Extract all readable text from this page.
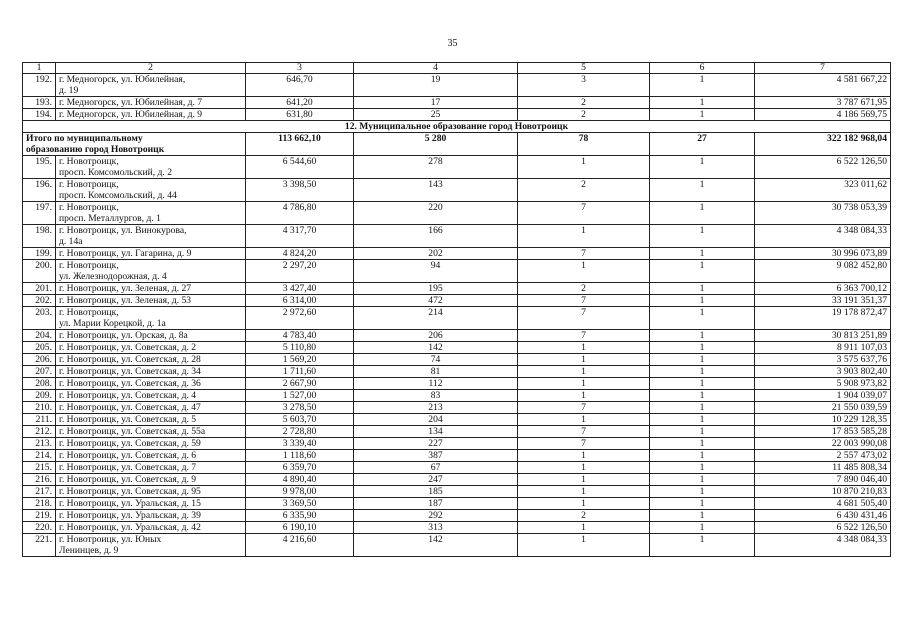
35
1	2	3	4	5	6	7
192.	г. Медногорск, ул. Юбилейная,
д. 19	646,70	19	3	1	4 581 667,22
193.	г. Медногорск, ул. Юбилейная, д. 7	641,20	17	2	1	3 787 671,95
194.	г. Медногорск, ул. Юбилейная, д. 9	631,80	25	2	1	4 186 569,75
12. Муниципальное образование город Новотроицк						

Итого по муниципальному
образованию город Новотроицк		113 662,10	5 280	78	27	322 182 968,04
195.	г. Новотроицк,
просп. Комсомольский, д. 2	6 544,60	278	1	1	6 522 126,50
196.	г. Новотроицк,
просп. Комсомольский, д. 44	3 398,50	143	2	1	323 011,62
197.	г. Новотроицк,
просп. Металлургов, д. 1	4 786,80	220	7	1	30 738 053,39
198.	г. Новотроицк, ул. Винокурова,
д. 14а	4 317,70	166	1	1	4 348 084,33
199.	г. Новотроицк, ул. Гагарина, д. 9	4 824,20	202	7	1	30 996 073,89
200.	г. Новотроицк,
ул. Железнодорожная, д. 4	2 297,20	94	1	1	9 082 452,80
201.	г. Новотроицк, ул. Зеленая, д. 27	3 427,40	195	2	1	6 363 700,12
202.	г. Новотроицк, ул. Зеленая, д. 53	6 314,00	472	7	1	33 191 351,37
203.	г. Новотроицк,
ул. Марии Корецкой, д. 1а	2 972,60	214	7	1	19 178 872,47
204.	г. Новотроицк, ул. Орская, д. 8а	4 783,40	206	7	1	30 813 251,89
205.	г. Новотроицк, ул. Советская, д. 2	5 110,80	142	1	1	8 911 107,03
206.	г. Новотроицк, ул. Советская, д. 28	1 569,20	74	1	1	3 575 637,76
207.	г. Новотроицк, ул. Советская, д. 34	1 711,60	81	1	1	3 903 802,40
208.	г. Новотроицк, ул. Советская, д. 36	2 667,90	112	1	1	5 908 973,82
209.	г. Новотроицк, ул. Советская, д. 4	1 527,00	83	1	1	1 904 039,07
210.	г. Новотроицк, ул. Советская, д. 47	3 278,50	213	7	1	21 550 039,59
211.	г. Новотроицк, ул. Советская, д. 5	5 603,70	204	1	1	10 229 128,35
212.	г. Новотроицк, ул. Советская, д. 55а	2 728,80	134	7	1	17 853 585,28
213.	г. Новотроицк, ул. Советская, д. 59	3 339,40	227	7	1	22 003 990,08
214.	г. Новотроицк, ул. Советская, д. 6	1 118,60	387	1	1	2 557 473,02
215.	г. Новотроицк, ул. Советская, д. 7	6 359,70	67	1	1	11 485 808,34
216.	г. Новотроицк, ул. Советская, д. 9	4 890,40	247	1	1	7 890 046,40
217.	г. Новотроицк, ул. Советская, д. 95	9 978,00	185	1	1	10 870 210,83
218.	г. Новотроицк, ул. Уральская, д. 15	3 369,50	187	1	1	4 681 505,40
219.	г. Новотроицк, ул. Уральская, д. 39	6 335,90	292	2	1	6 430 431,46
220.	г. Новотроицк, ул. Уральская, д. 42	6 190,10	313	1	1	6 522 126,50
221.	г. Новотроицк, ул. Юных
Ленинцев, д. 9	4 216,60	142	1	1	4 348 084,33
